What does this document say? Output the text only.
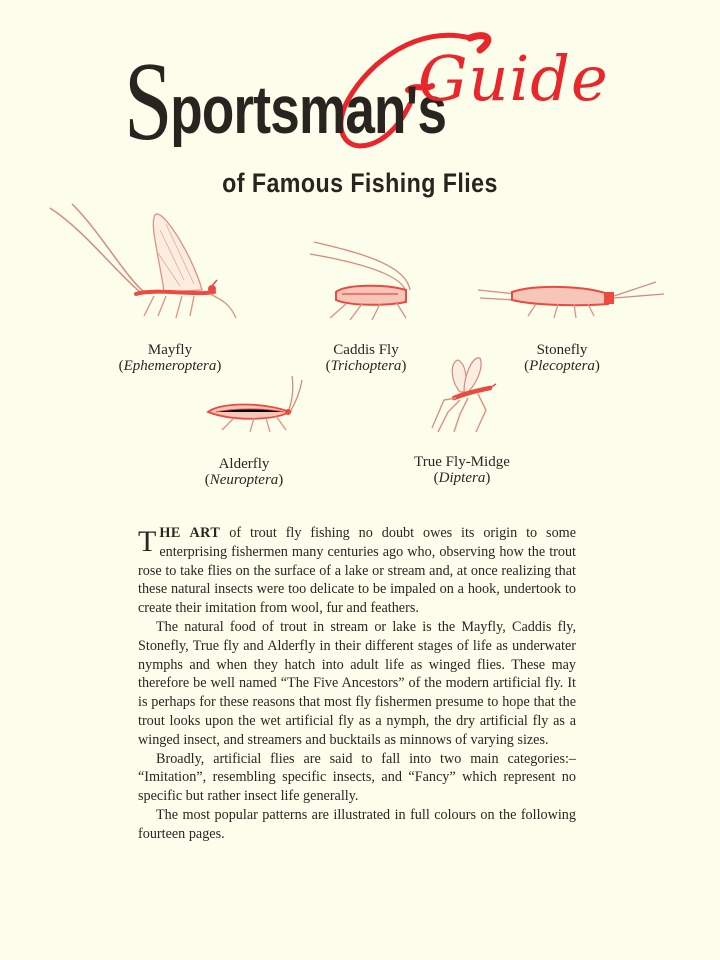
Sportsman's
Guide
of Famous Fishing Flies
Mayfly
(Ephemeroptera)
Caddis Fly
(Trichoptera)
Stonefly
(Plecoptera)
Alderfly
(Neuroptera)
True Fly-Midge
(Diptera)

THE ART of trout fly fishing no doubt owes its origin to some enterprising fishermen many centuries ago who, observing how the trout rose to take flies on the surface of a lake or stream and, at once realizing that these natural insects were too delicate to be impaled on a hook, undertook to create their imitation from wool, fur and feathers.

The natural food of trout in stream or lake is the Mayfly, Caddis fly, Stonefly, True fly and Alderfly in their different stages of life as underwater nymphs and when they hatch into adult life as winged flies. These may therefore be well named “The Five Ancestors” of the modern artificial fly. It is perhaps for these reasons that most fly fishermen presume to hope that the trout looks upon the wet artificial fly as a nymph, the dry artificial fly as a winged insect, and streamers and bucktails as minnows of varying sizes.

Broadly, artificial flies are said to fall into two main categories:– “Imitation”, resembling specific insects, and “Fancy” which represent no specific but rather insect life generally.

The most popular patterns are illustrated in full colours on the following fourteen pages.
